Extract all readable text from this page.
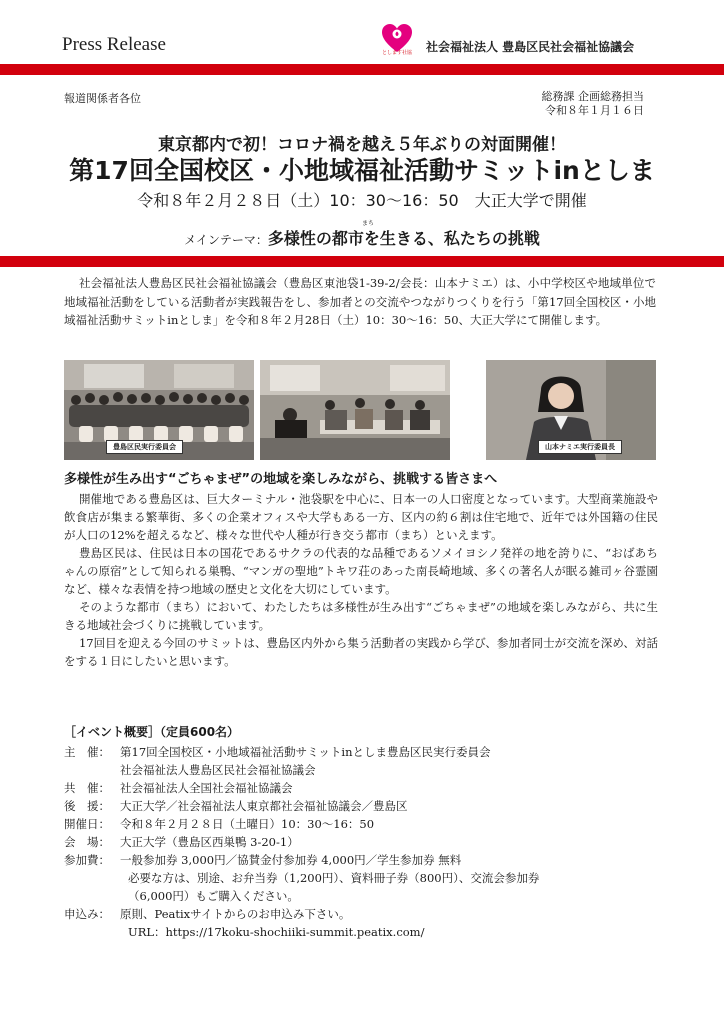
Press Release	とします社協	社会福祉法人 豊島区民社会福祉協議会
報道関係者各位	総務課 企画総務担当
令和８年１月１６日
東京都内で初！コロナ禍を越え５年ぶりの対面開催！
第17回全国校区・小地域福祉活動サミットinとしま
令和８年２月２８日（土）10：30〜16：50　大正大学で開催
まち
メインテーマ：多様性の都市を生きる、私たちの挑戦
社会福祉法人豊島区民社会福祉協議会（豊島区東池袋1-39-2/会長：山本ナミエ）は、小中学校区や地域単位で地域福祉活動をしている活動者が実践報告をし、参加者との交流やつながりつくりを行う「第17回全国校区・小地域福祉活動サミットinとしま」を令和８年２月28日（土）10：30〜16：50、大正大学にて開催します。
豊島区民実行委員会	山本ナミエ実行委員長
多様性が生み出す“ごちゃまぜ”の地域を楽しみながら、挑戦する皆さまへ

開催地である豊島区は、巨大ターミナル・池袋駅を中心に、日本一の人口密度となっています。大型商業施設や飲食店が集まる繁華街、多くの企業オフィスや大学もある一方、区内の約６割は住宅地で、近年では外国籍の住民が人口の12%を超えるなど、様々な世代や人種が行き交う都市（まち）といえます。

豊島区民は、住民は日本の国花であるサクラの代表的な品種であるソメイヨシノ発祥の地を誇りに、“おばあちゃんの原宿”として知られる巣鴨、“マンガの聖地”トキワ荘のあった南長崎地域、多くの著名人が眠る雑司ヶ谷霊園など、様々な表情を持つ地域の歴史と文化を大切にしています。

そのような都市（まち）において、わたしたちは多様性が生み出す“ごちゃまぜ”の地域を楽しみながら、共に生きる地域社会づくりに挑戦しています。

17回目を迎える今回のサミットは、豊島区内外から集う活動者の実践から学び、参加者同士が交流を深め、対話をする１日にしたいと思います。

［イベント概要］（定員600名）
主　催： 第17回全国校区・小地域福祉活動サミットinとしま豊島区民実行委員会
社会福祉法人豊島区民社会福祉協議会
共　催： 社会福祉法人全国社会福祉協議会
後　援： 大正大学／社会福祉法人東京都社会福祉協議会／豊島区
開催日： 令和８年２月２８日（土曜日）10：30〜16：50
会　場： 大正大学（豊島区西巣鴨 3-20-1）
参加費： 一般参加券 3,000円／協賛金付参加券 4,000円／学生参加券 無料
必要な方は、別途、お弁当券（1,200円）、資料冊子券（800円）、交流会参加券
（6,000円）もご購入ください。
申込み： 原則、Peatixサイトからのお申込み下さい。
URL：https://17koku-shochiiki-summit.peatix.com/
